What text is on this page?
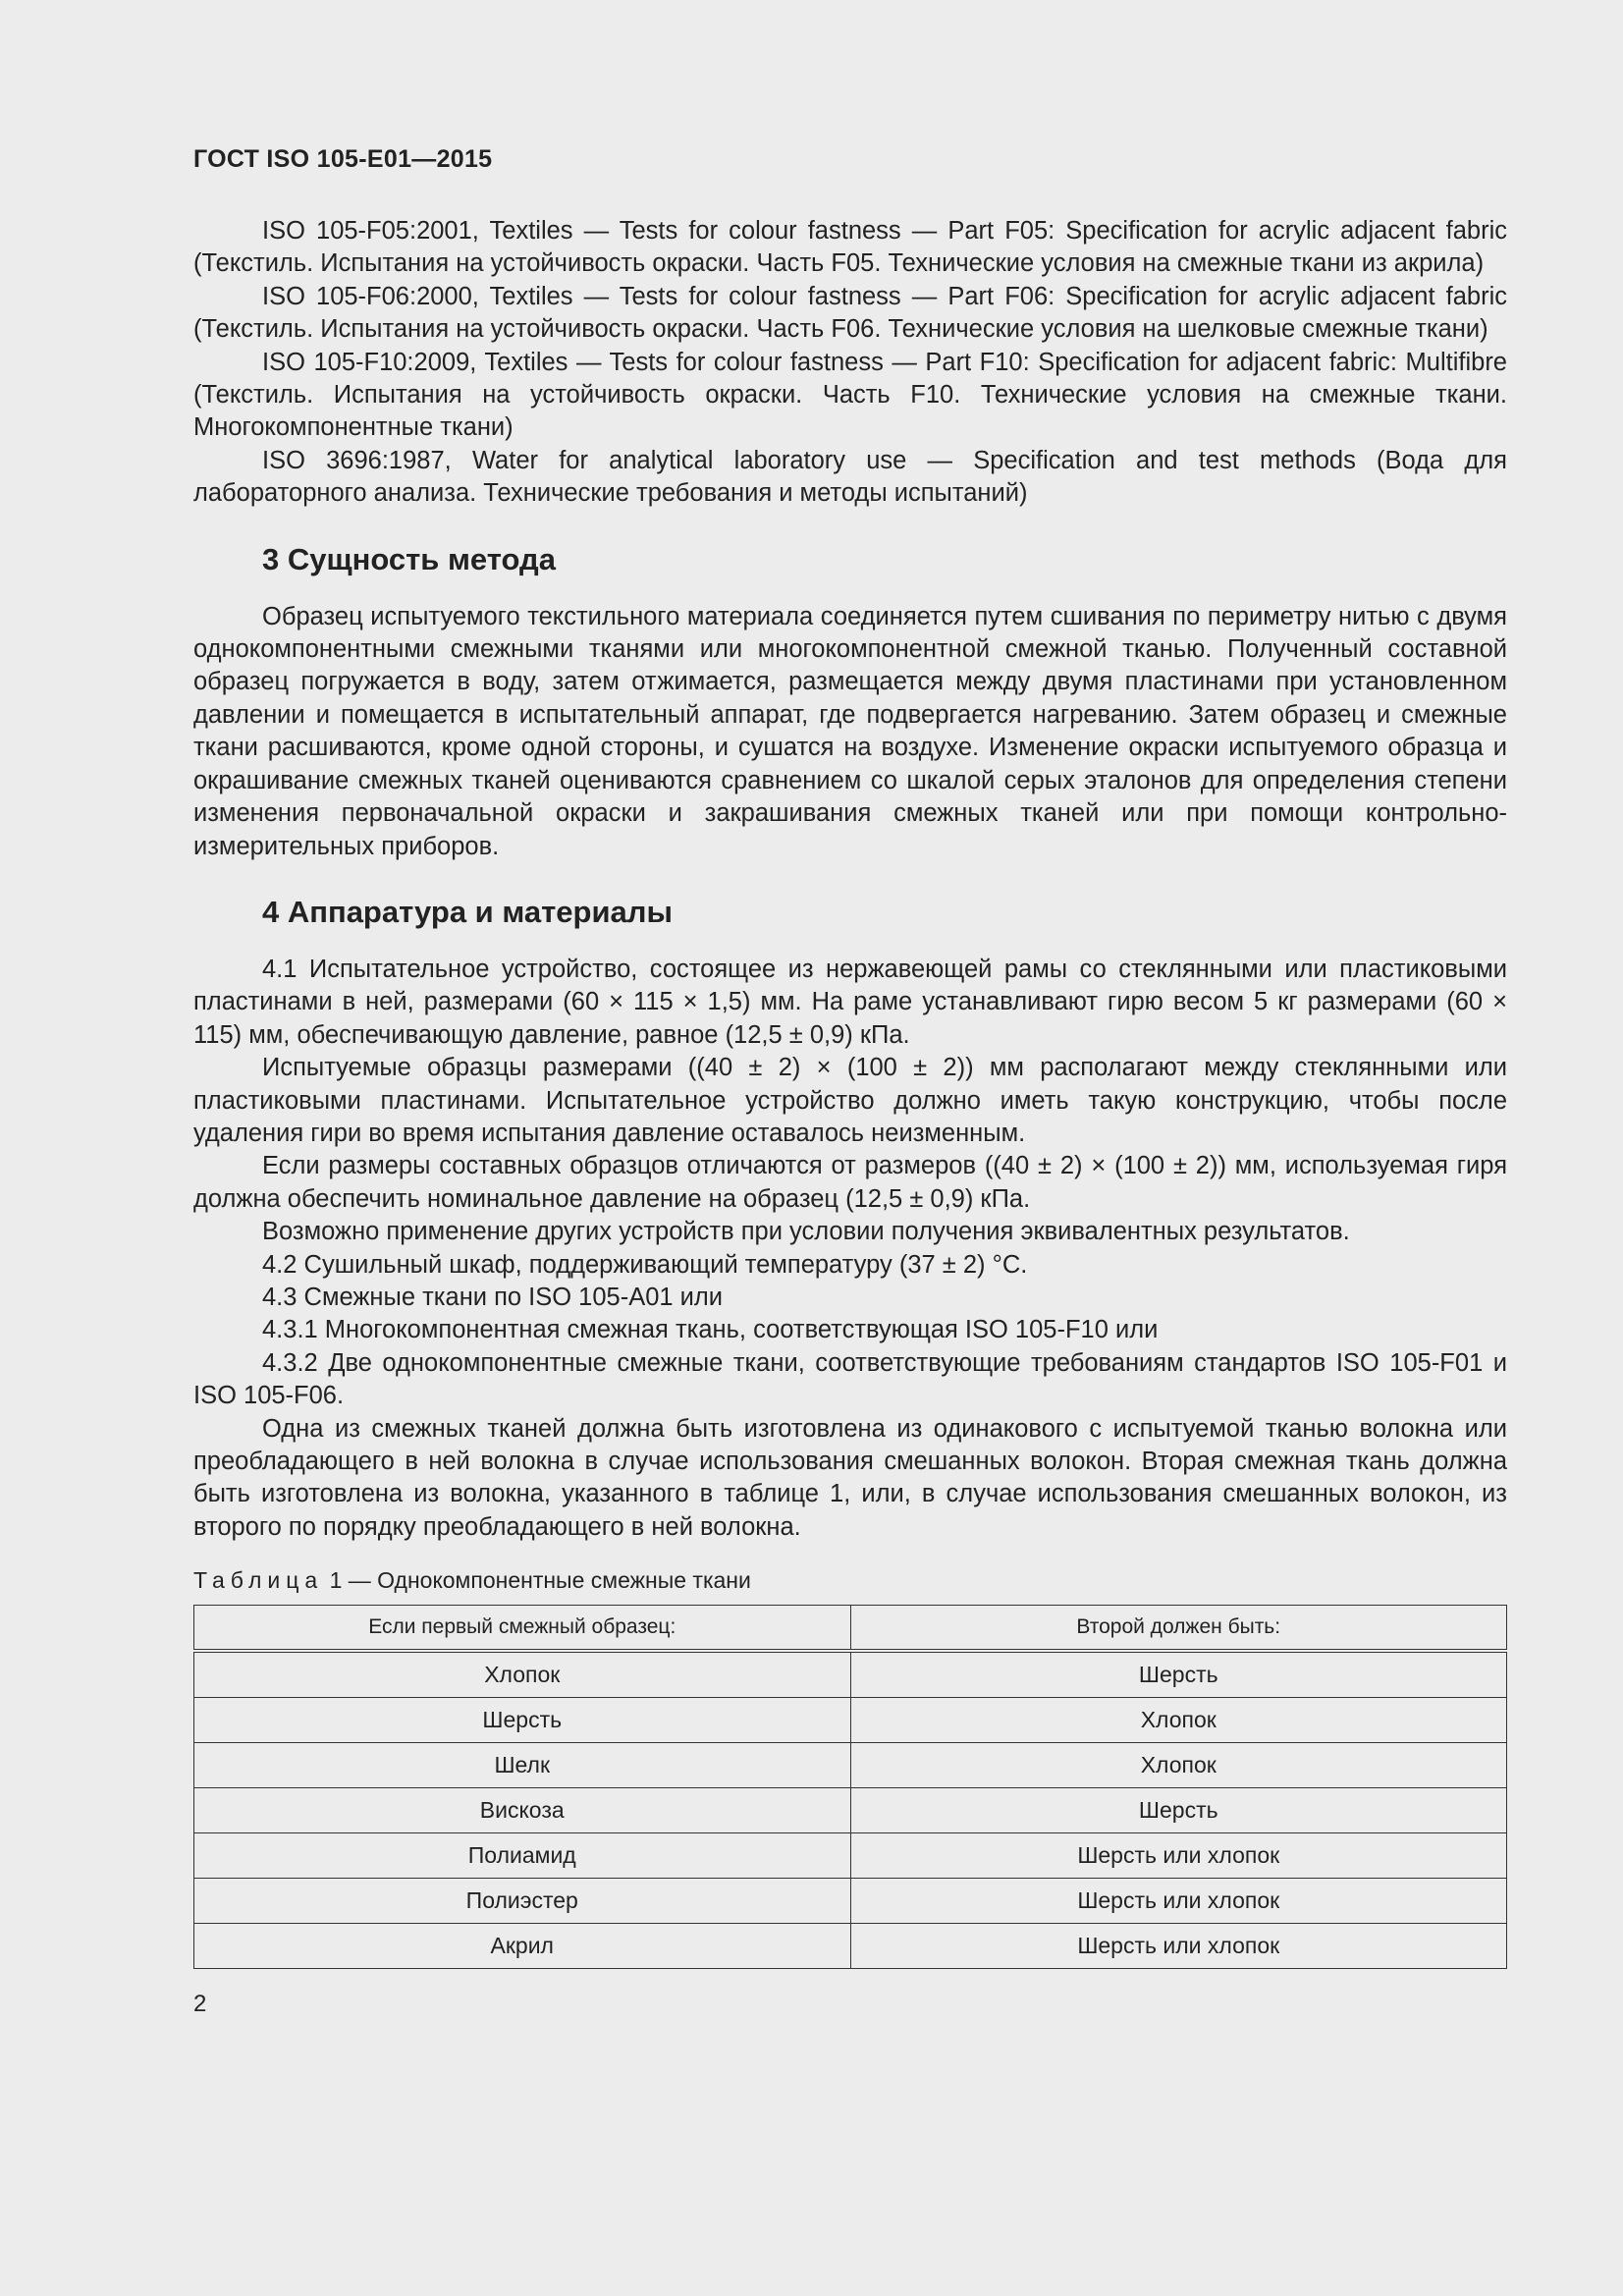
ГОСТ ISO 105-E01—2015

ISO 105-F05:2001, Textiles — Tests for colour fastness — Part F05: Specification for acrylic adjacent fabric (Текстиль. Испытания на устойчивость окраски. Часть F05. Технические условия на смежные ткани из акрила)

ISO 105-F06:2000, Textiles — Tests for colour fastness — Part F06: Specification for acrylic adjacent fabric (Текстиль. Испытания на устойчивость окраски. Часть F06. Технические условия на шелковые смежные ткани)

ISO 105-F10:2009, Textiles — Tests for colour fastness — Part F10: Specification for adjacent fabric: Multifibre (Текстиль. Испытания на устойчивость окраски. Часть F10. Технические условия на смежные ткани. Многокомпонентные ткани)

ISO 3696:1987, Water for analytical laboratory use — Specification and test methods (Вода для лабораторного анализа. Технические требования и методы испытаний)

3 Сущность метода

Образец испытуемого текстильного материала соединяется путем сшивания по периметру нитью с двумя однокомпонентными смежными тканями или многокомпонентной смежной тканью. Полученный составной образец погружается в воду, затем отжимается, размещается между двумя пластинами при установленном давлении и помещается в испытательный аппарат, где подвергается нагреванию. Затем образец и смежные ткани расшиваются, кроме одной стороны, и сушатся на воздухе. Изменение окраски испытуемого образца и окрашивание смежных тканей оцениваются сравнением со шкалой серых эталонов для определения степени изменения первоначальной окраски и закрашивания смежных тканей или при помощи контрольно-измерительных приборов.

4 Аппаратура и материалы

4.1 Испытательное устройство, состоящее из нержавеющей рамы со стеклянными или пластиковыми пластинами в ней, размерами (60 × 115 × 1,5) мм. На раме устанавливают гирю весом 5 кг размерами (60 × 115) мм, обеспечивающую давление, равное (12,5 ± 0,9) кПа.

Испытуемые образцы размерами ((40 ± 2) × (100 ± 2)) мм располагают между стеклянными или пластиковыми пластинами. Испытательное устройство должно иметь такую конструкцию, чтобы после удаления гири во время испытания давление оставалось неизменным.

Если размеры составных образцов отличаются от размеров ((40 ± 2) × (100 ± 2)) мм, используемая гиря должна обеспечить номинальное давление на образец (12,5 ± 0,9) кПа.

Возможно применение других устройств при условии получения эквивалентных результатов.

4.2 Сушильный шкаф, поддерживающий температуру (37 ± 2) °С.

4.3 Смежные ткани по ISO 105-A01 или

4.3.1 Многокомпонентная смежная ткань, соответствующая ISO 105-F10 или

4.3.2 Две однокомпонентные смежные ткани, соответствующие требованиям стандартов ISO 105-F01 и ISO 105-F06.

Одна из смежных тканей должна быть изготовлена из одинакового с испытуемой тканью волокна или преобладающего в ней волокна в случае использования смешанных волокон. Вторая смежная ткань должна быть изготовлена из волокна, указанного в таблице 1, или, в случае использования смешанных волокон, из второго по порядку преобладающего в ней волокна.

Таблица 1 — Однокомпонентные смежные ткани
Если первый смежный образец:	Второй должен быть:
Хлопок	Шерсть
Шерсть	Хлопок
Шелк	Хлопок
Вискоза	Шерсть
Полиамид	Шерсть или хлопок
Полиэстер	Шерсть или хлопок
Акрил	Шерсть или хлопок
2
